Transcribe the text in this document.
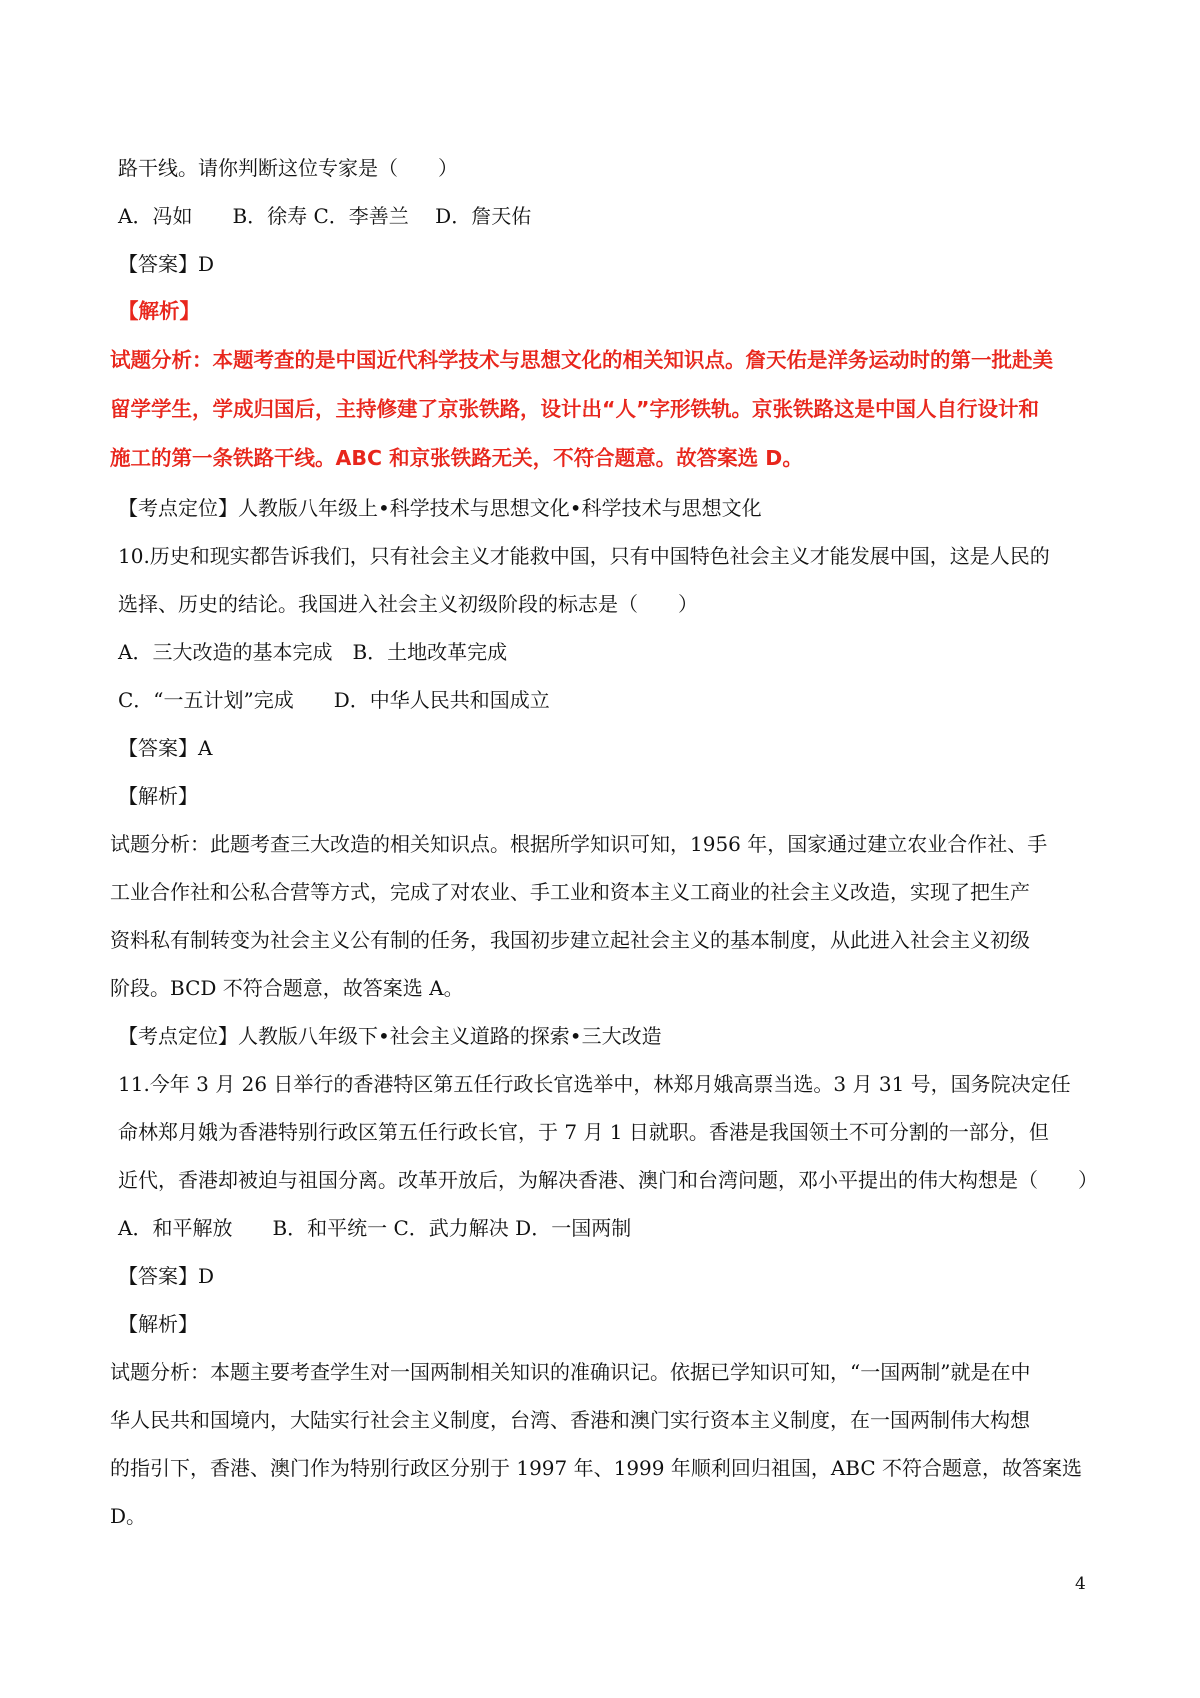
路干线。请你判断这位专家是（　　）
A．冯如　　B．徐寿 C．李善兰　 D．詹天佑
【答案】D
【解析】
试题分析：本题考查的是中国近代科学技术与思想文化的相关知识点。詹天佑是洋务运动时的第一批赴美
留学学生，学成归国后，主持修建了京张铁路，设计出“人”字形铁轨。京张铁路这是中国人自行设计和
施工的第一条铁路干线。ABC 和京张铁路无关，不符合题意。故答案选 D。
【考点定位】人教版八年级上•科学技术与思想文化•科学技术与思想文化
10.历史和现实都告诉我们，只有社会主义才能救中国，只有中国特色社会主义才能发展中国，这是人民的
选择、历史的结论。我国进入社会主义初级阶段的标志是（　　）
A．三大改造的基本完成　B．土地改革完成
C．“一五计划”完成　　D．中华人民共和国成立
【答案】A
【解析】
试题分析：此题考查三大改造的相关知识点。根据所学知识可知，1956 年，国家通过建立农业合作社、手
工业合作社和公私合营等方式，完成了对农业、手工业和资本主义工商业的社会主义改造，实现了把生产
资料私有制转变为社会主义公有制的任务，我国初步建立起社会主义的基本制度，从此进入社会主义初级
阶段。BCD 不符合题意，故答案选 A。
【考点定位】人教版八年级下•社会主义道路的探索•三大改造
11.今年 3 月 26 日举行的香港特区第五任行政长官选举中，林郑月娥高票当选。3 月 31 号，国务院决定任
命林郑月娥为香港特别行政区第五任行政长官，于 7 月 1 日就职。香港是我国领土不可分割的一部分，但
近代，香港却被迫与祖国分离。改革开放后，为解决香港、澳门和台湾问题，邓小平提出的伟大构想是（　　）
A．和平解放　　B．和平统一 C．武力解决 D．一国两制
【答案】D
【解析】
试题分析：本题主要考查学生对一国两制相关知识的准确识记。依据已学知识可知，“一国两制”就是在中
华人民共和国境内，大陆实行社会主义制度，台湾、香港和澳门实行资本主义制度，在一国两制伟大构想
的指引下，香港、澳门作为特别行政区分别于 1997 年、1999 年顺利回归祖国，ABC 不符合题意，故答案选
D。
4
